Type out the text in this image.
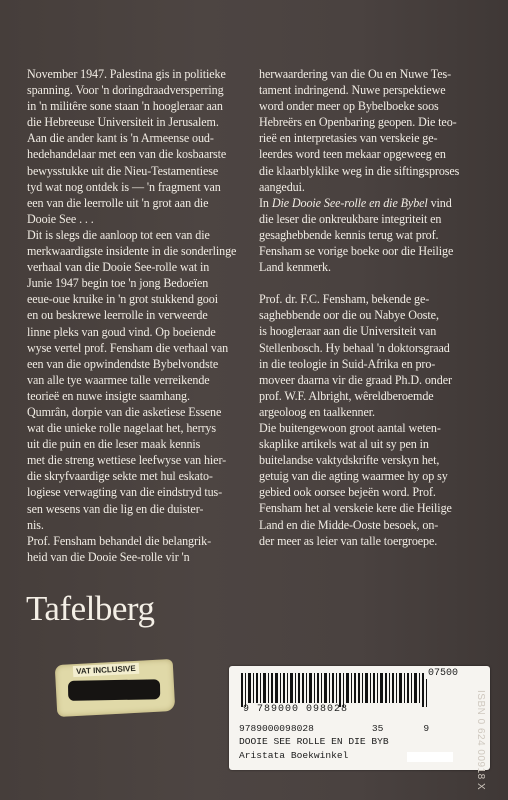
November 1947. Palestina gis in politieke
spanning. Voor 'n doringdraadversperring
in 'n militêre sone staan 'n hoogleraar aan
die Hebreeuse Universiteit in Jerusalem.
Aan die ander kant is 'n Armeense oud-
hedehandelaar met een van die kosbaarste
bewysstukke uit die Nieu-Testamentiese
tyd wat nog ontdek is — 'n fragment van
een van die leerrolle uit 'n grot aan die
Dooie See . . .

Dit is slegs die aanloop tot een van die
merkwaardigste insidente in die sonderlinge
verhaal van die Dooie See-rolle wat in
Junie 1947 begin toe 'n jong Bedoeïen
eeue-oue kruike in 'n grot stukkend gooi
en ou beskrewe leerrolle in verweerde
linne pleks van goud vind. Op boeiende
wyse vertel prof. Fensham die verhaal van
een van die opwindendste Bybelvondste
van alle tye waarmee talle verreikende
teorieë en nuwe insigte saamhang.

Qumrân, dorpie van die asketiese Essene
wat die unieke rolle nagelaat het, herrys
uit die puin en die leser maak kennis
met die streng wettiese leefwyse van hier-
die skryfvaardige sekte met hul eskato-
logiese verwagting van die eindstryd tus-
sen wesens van die lig en die duister-
nis.

Prof. Fensham behandel die belangrik-
heid van die Dooie See-rolle vir 'n

herwaardering van die Ou en Nuwe Tes-
tament indringend. Nuwe perspektiewe
word onder meer op Bybelboeke soos
Hebreërs en Openbaring geopen. Die teo-
rieë en interpretasies van verskeie ge-
leerdes word teen mekaar opgeweeg en
die klaarblyklike weg in die siftingsproses
aangedui.

In Die Dooie See-rolle en die Bybel vind
die leser die onkreukbare integriteit en
gesaghebbende kennis terug wat prof.
Fensham se vorige boeke oor die Heilige
Land kenmerk.

Prof. dr. F.C. Fensham, bekende ge-
saghebbende oor die ou Nabye Ooste,
is hoogleraar aan die Universiteit van
Stellenbosch. Hy behaal 'n doktorsgraad
in die teologie in Suid-Afrika en pro-
moveer daarna vir die graad Ph.D. onder
prof. W.F. Albright, wêreldberoemde
argeoloog en taalkenner.

Die buitengewoon groot aantal weten-
skaplike artikels wat al uit sy pen in
buitelandse vaktydskrifte verskyn het,
getuig van die agting waarmee hy op sy
gebied ook oorsee bejeën word. Prof.
Fensham het al verskeie kere die Heilige
Land en die Midde-Ooste besoek, on-
der meer as leier van talle toergroepe.

Tafelberg
VAT INCLUSIVE	07500
9 789000 098028
9789000098028	35	9
DOOIE SEE ROLLE EN DIE BYB
Aristata Boekwinkel	ISBN 0 624 00918 X
